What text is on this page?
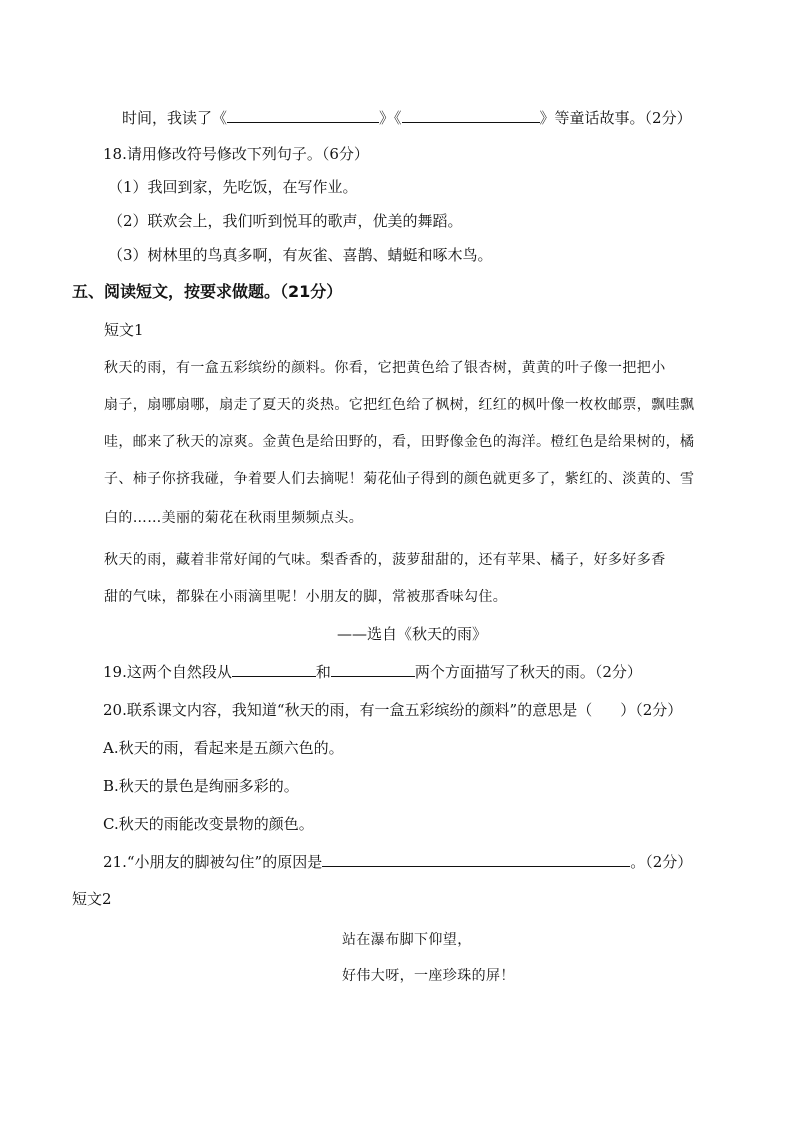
时间，我读了《	》《	》等童话故事。（2分）
18.请用修改符号修改下列句子。（6分）
（1）我回到家，先吃饭，在写作业。
（2）联欢会上，我们听到悦耳的歌声，优美的舞蹈。
（3）树林里的鸟真多啊，有灰雀、喜鹊、蜻蜓和啄木鸟。
五、阅读短文，按要求做题。（21分）
短文1
秋天的雨，有一盒五彩缤纷的颜料。你看，它把黄色给了银杏树，黄黄的叶子像一把把小
扇子，扇哪扇哪，扇走了夏天的炎热。它把红色给了枫树，红红的枫叶像一枚枚邮票，飘哇飘
哇，邮来了秋天的凉爽。金黄色是给田野的，看，田野像金色的海洋。橙红色是给果树的，橘
子、柿子你挤我碰，争着要人们去摘呢！菊花仙子得到的颜色就更多了，紫红的、淡黄的、雪
白的……美丽的菊花在秋雨里频频点头。
秋天的雨，藏着非常好闻的气味。梨香香的，菠萝甜甜的，还有苹果、橘子，好多好多香
甜的气味，都躲在小雨滴里呢！小朋友的脚，常被那香味勾住。
——选自《秋天的雨》
19.这两个自然段从	和	两个方面描写了秋天的雨。（2分）
20.联系课文内容，我知道“秋天的雨，有一盒五彩缤纷的颜料”的意思是（ ）（2分）
A.秋天的雨，看起来是五颜六色的。
B.秋天的景色是绚丽多彩的。
C.秋天的雨能改变景物的颜色。
21.“小朋友的脚被勾住”的原因是	。（2分）
短文2
站在瀑布脚下仰望，
好伟大呀，一座珍珠的屏！
